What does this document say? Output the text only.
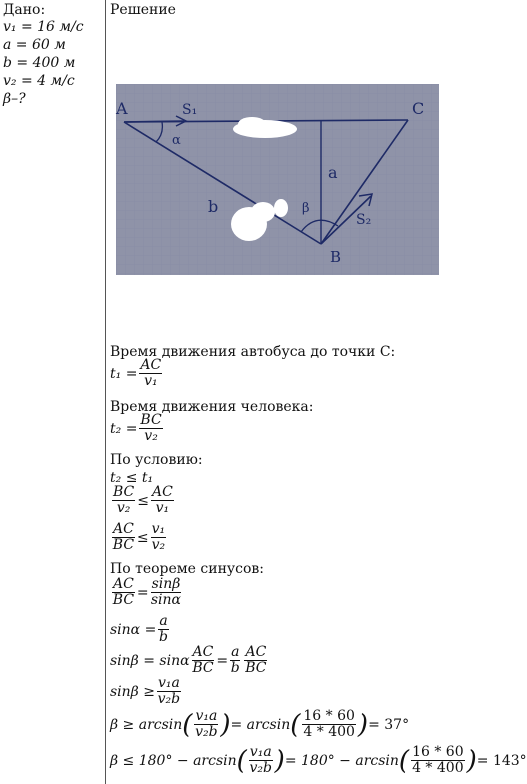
Дано:
v₁ = 16 м/с
a = 60 м
b = 400 м
v₂ = 4 м/с
β–?
Решение
A	C
B
a
b
α
β
S₁
S₂
Время движения автобуса до точки С:
$t_1 = \frac{AC}{\text{v₁}}$
Время движения человека:
$t_2 = \frac{BC}{\text{v₂}}$
По условию:
t₂ ≤ t₁
$\frac{BC}{\text{v₂}} \le \frac{AC}{\text{v₁}}$
$\frac{AC}{BC} \le \frac{\text{v₁}}{\text{v₂}}$
По теореме синусов:
$\frac{AC}{BC} = \frac{\sin\beta}{\sin\alpha}$
$\sin\alpha = \frac{a}{b}$
sinβ = sinα $\frac{AC}{BC} = \frac{a}{b} \frac{AC}{BC}$
$\sin\beta \ge \frac{\text{v₁a}}{\text{v₂b}}$
β ≥ arcsin ( $\frac{\text{v₁a}}{\text{v₂b}}$ ) = arcsin ( $\frac{16 * 60}{4 * 400}$ ) = 37°
β ≤ 180° − arcsin ( $\frac{\text{v₁a}}{\text{v₂b}}$ ) = 180° − arcsin ( $\frac{16 * 60}{4 * 400}$ ) = 143°
